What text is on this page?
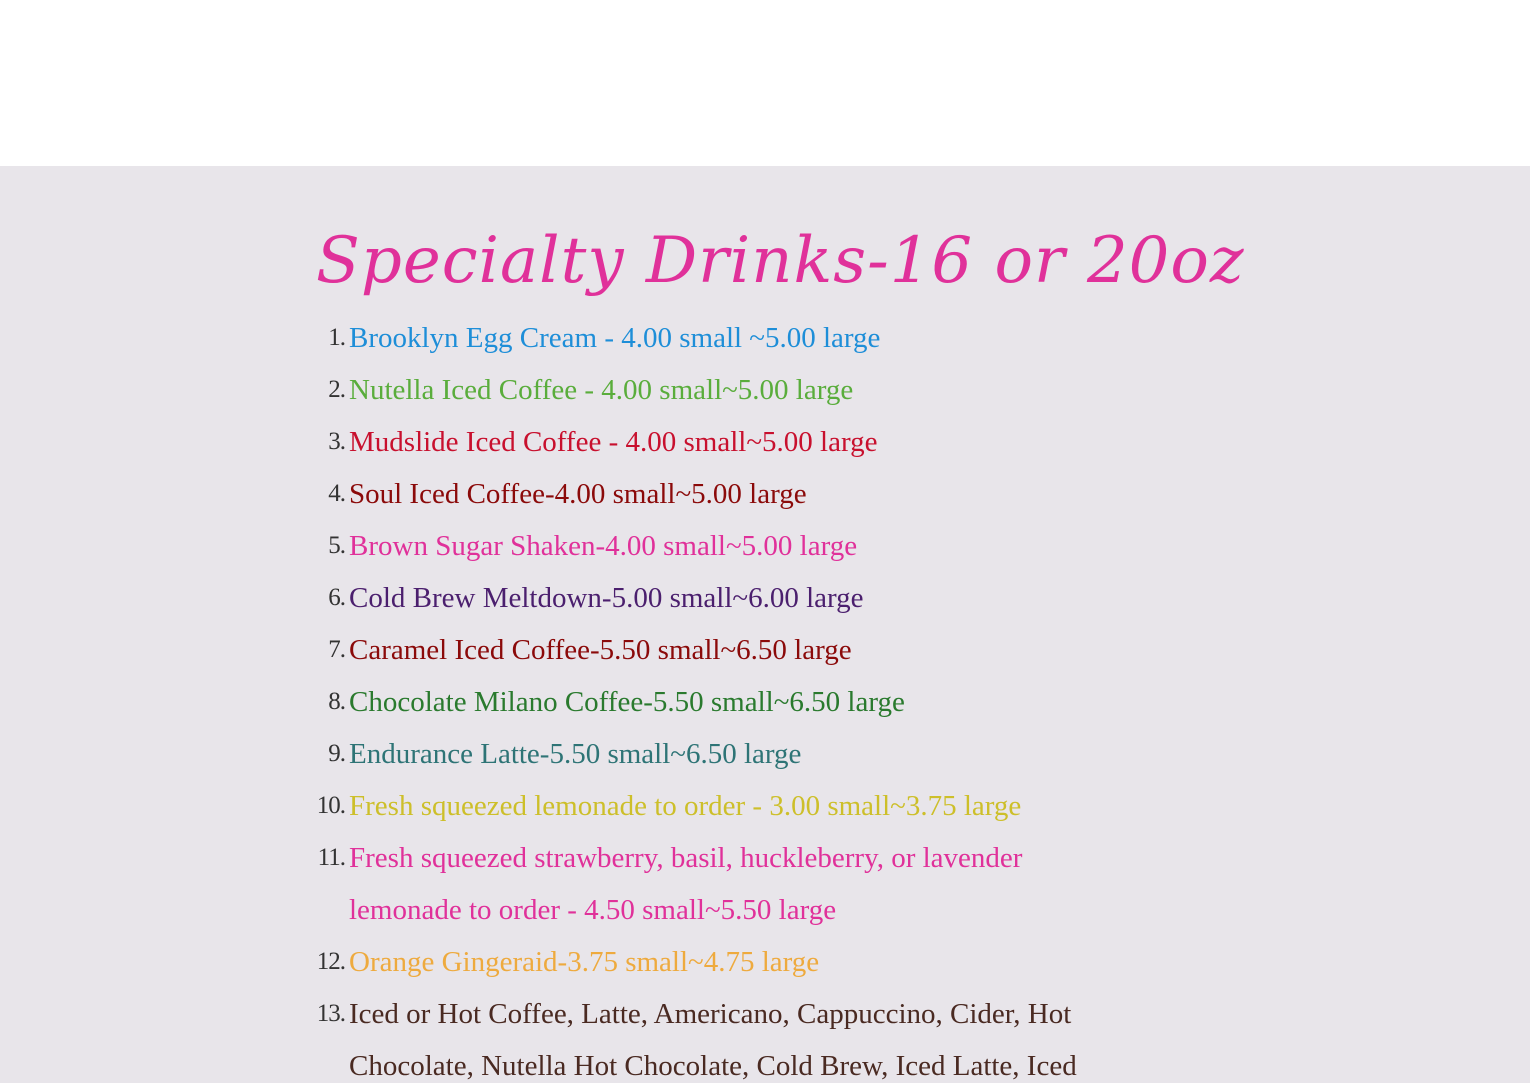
Specialty Drinks-16 or 20oz
1. Brooklyn Egg Cream - 4.00 small ~5.00 large
2. Nutella Iced Coffee - 4.00 small~5.00 large
3. Mudslide Iced Coffee - 4.00 small~5.00 large
4. Soul Iced Coffee-4.00 small~5.00 large
5. Brown Sugar Shaken-4.00 small~5.00 large
6. Cold Brew Meltdown-5.00 small~6.00 large
7. Caramel Iced Coffee-5.50 small~6.50 large
8. Chocolate Milano Coffee-5.50 small~6.50 large
9. Endurance Latte-5.50 small~6.50 large
10. Fresh squeezed lemonade to order - 3.00 small~3.75 large
11. Fresh squeezed strawberry, basil, huckleberry, or lavender
lemonade to order - 4.50 small~5.50 large
12. Orange Gingeraid-3.75 small~4.75 large
13. Iced or Hot Coffee, Latte, Americano, Cappuccino, Cider, Hot
Chocolate, Nutella Hot Chocolate, Cold Brew, Iced Latte, Iced
